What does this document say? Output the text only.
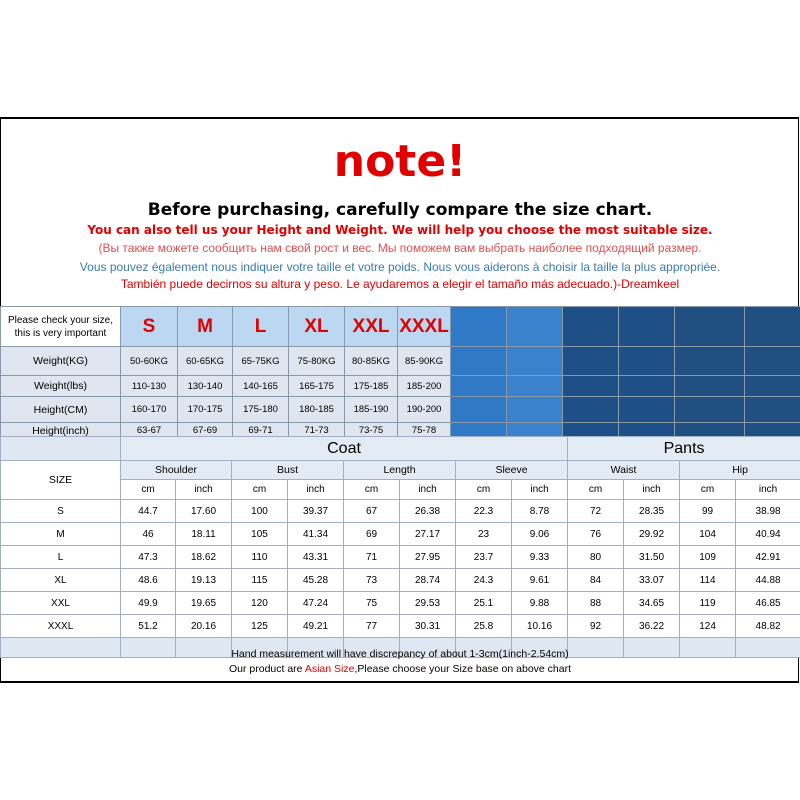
note!
Before purchasing, carefully compare the size chart.
You can also tell us your Height and Weight. We will help you choose the most suitable size.
(Вы также можете сообщить нам свой рост и вес. Мы поможем вам выбрать наиболее подходящий размер.
Vous pouvez également nous indiquer votre taille et votre poids. Nous vous aiderons à choisir la taille la plus appropriée.
También puede decirnos su altura y peso. Le ayudaremos a elegir el tamaño más adecuado.)-Dreamkeel
Please check your size, this is very important	S	M	L	XL	XXL	XXXL						
Weight(KG)	50-60KG	60-65KG	65-75KG	75-80KG	80-85KG	85-90KG						
Weight(lbs)	110-130	130-140	140-165	165-175	175-185	185-200						
Height(CM)	160-170	170-175	175-180	180-185	185-190	190-200						
Height(inch)	63-67	67-69	69-71	71-73	73-75	75-78						
	Coat								Pants			
SIZE	Shoulder		Bust		Length		Sleeve		Waist		Hip	
	cm	inch	cm	inch	cm	inch	cm	inch	cm	inch	cm	inch
S	44.7	17.60	100	39.37	67	26.38	22.3	8.78	72	28.35	99	38.98
M	46	18.11	105	41.34	69	27.17	23	9.06	76	29.92	104	40.94
L	47.3	18.62	110	43.31	71	27.95	23.7	9.33	80	31.50	109	42.91
XL	48.6	19.13	115	45.28	73	28.74	24.3	9.61	84	33.07	114	44.88
XXL	49.9	19.65	120	47.24	75	29.53	25.1	9.88	88	34.65	119	46.85
XXXL	51.2	20.16	125	49.21	77	30.31	25.8	10.16	92	36.22	124	48.82

Hand measurement will have discrepancy of about 1-3cm(1inch-2.54cm)
Our product are Asian Size,Please choose your Size base on above chart
